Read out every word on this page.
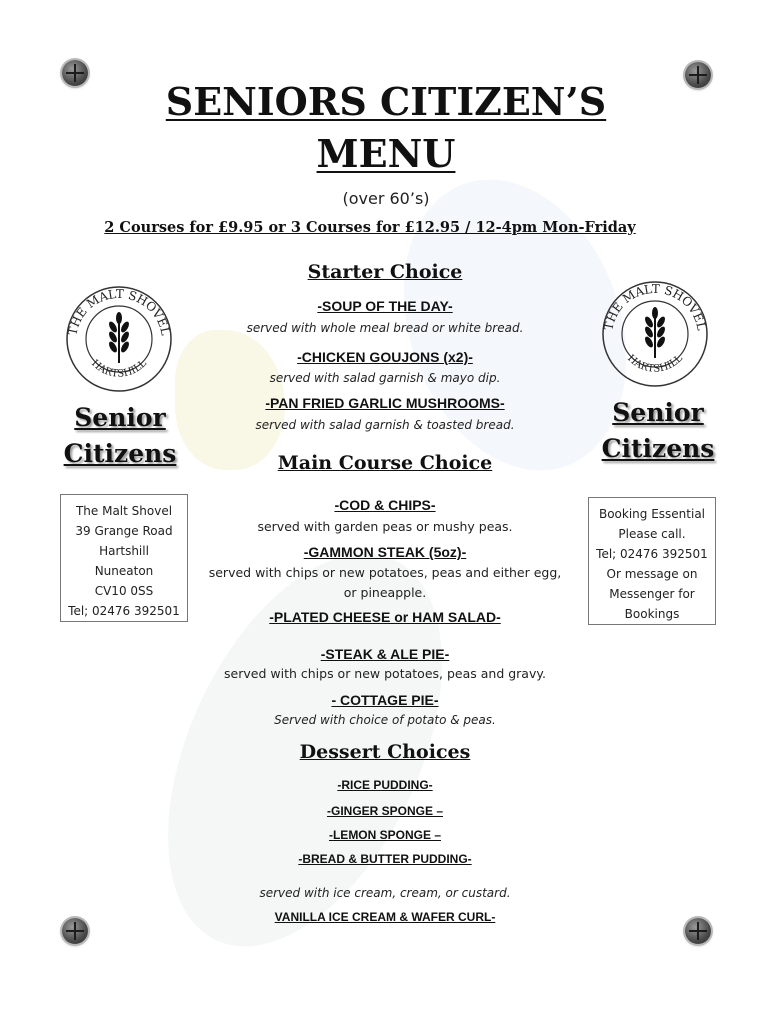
SENIORS CITIZEN’S
MENU
(over 60’s)
2 Courses for £9.95 or 3 Courses for £12.95 / 12-4pm Mon-Friday
THE MALT SHOVEL
HARTSHILL
THE MALT SHOVEL
HARTSHILL
Senior
Citizens
Senior
Citizens
The Malt Shovel
39 Grange Road
Hartshill
Nuneaton
CV10 0SS
Tel; 02476 392501
Booking Essential
Please call.
Tel; 02476 392501
Or message on
Messenger for
Bookings
Starter Choice
-SOUP OF THE DAY-
served with whole meal bread or white bread.
-CHICKEN GOUJONS (x2)-
served with salad garnish & mayo dip.
-PAN FRIED GARLIC MUSHROOMS-
served with salad garnish & toasted bread.
Main Course Choice
-COD & CHIPS-
served with garden peas or mushy peas.
-GAMMON STEAK (5oz)-
served with chips or new potatoes, peas and either egg,
or pineapple.
-PLATED CHEESE or HAM SALAD-
-STEAK & ALE PIE-
served with chips or new potatoes, peas and gravy.
- COTTAGE PIE-
Served with choice of potato & peas.
Dessert Choices
-RICE PUDDING-
-GINGER SPONGE –
-LEMON SPONGE –
-BREAD & BUTTER PUDDING-
served with ice cream, cream, or custard.
VANILLA ICE CREAM & WAFER CURL-
